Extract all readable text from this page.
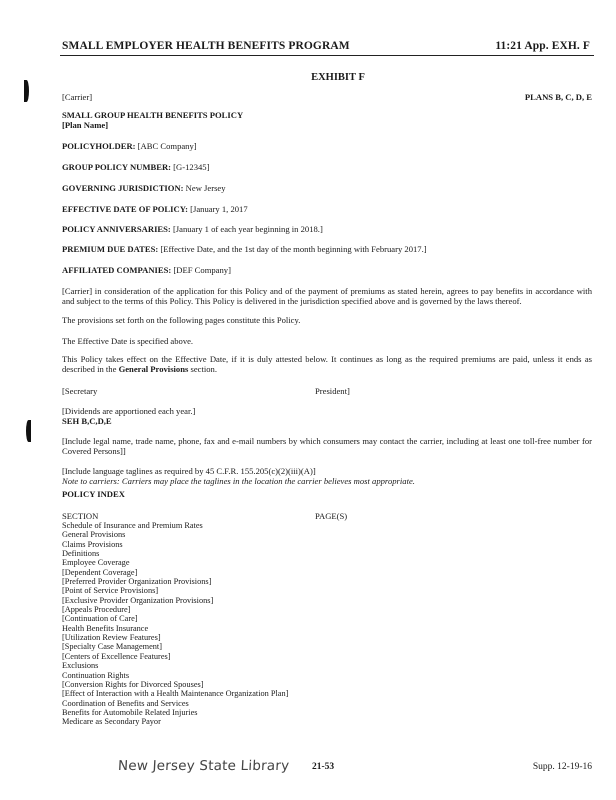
SMALL EMPLOYER HEALTH BENEFITS PROGRAM	11:21 App. EXH. F
EXHIBIT F
[Carrier]	PLANS B, C, D, E
SMALL GROUP HEALTH BENEFITS POLICY
[Plan Name]
POLICYHOLDER: [ABC Company]
GROUP POLICY NUMBER: [G-12345]
GOVERNING JURISDICTION: New Jersey
EFFECTIVE DATE OF POLICY: [January 1, 2017
POLICY ANNIVERSARIES: [January 1 of each year beginning in 2018.]
PREMIUM DUE DATES: [Effective Date, and the 1st day of the month beginning with February 2017.]
AFFILIATED COMPANIES: [DEF Company]
[Carrier] in consideration of the application for this Policy and of the payment of premiums as stated herein, agrees to pay benefits in accordance with and subject to the terms of this Policy. This Policy is delivered in the jurisdiction specified above and is governed by the laws thereof.
The provisions set forth on the following pages constitute this Policy.
The Effective Date is specified above.
This Policy takes effect on the Effective Date, if it is duly attested below. It continues as long as the required premiums are paid, unless it ends as described in the General Provisions section.
[Secretary	President]
[Dividends are apportioned each year.]
SEH B,C,D,E
[Include legal name, trade name, phone, fax and e-mail numbers by which consumers may contact the carrier, including at least one toll-free number for Covered Persons]]
[Include language taglines as required by 45 C.F.R. 155.205(c)(2)(iii)(A)]
Note to carriers: Carriers may place the taglines in the location the carrier believes most appropriate.
POLICY INDEX
SECTION	PAGE(S)
Schedule of Insurance and Premium Rates
General Provisions
Claims Provisions
Definitions
Employee Coverage
[Dependent Coverage]
[Preferred Provider Organization Provisions]
[Point of Service Provisions]
[Exclusive Provider Organization Provisions]
[Appeals Procedure]
[Continuation of Care]
Health Benefits Insurance
[Utilization Review Features]
[Specialty Case Management]
[Centers of Excellence Features]
Exclusions
Continuation Rights
[Conversion Rights for Divorced Spouses]
[Effect of Interaction with a Health Maintenance Organization Plan]
Coordination of Benefits and Services
Benefits for Automobile Related Injuries
Medicare as Secondary Payor
New Jersey State Library 21-53	Supp. 12-19-16
